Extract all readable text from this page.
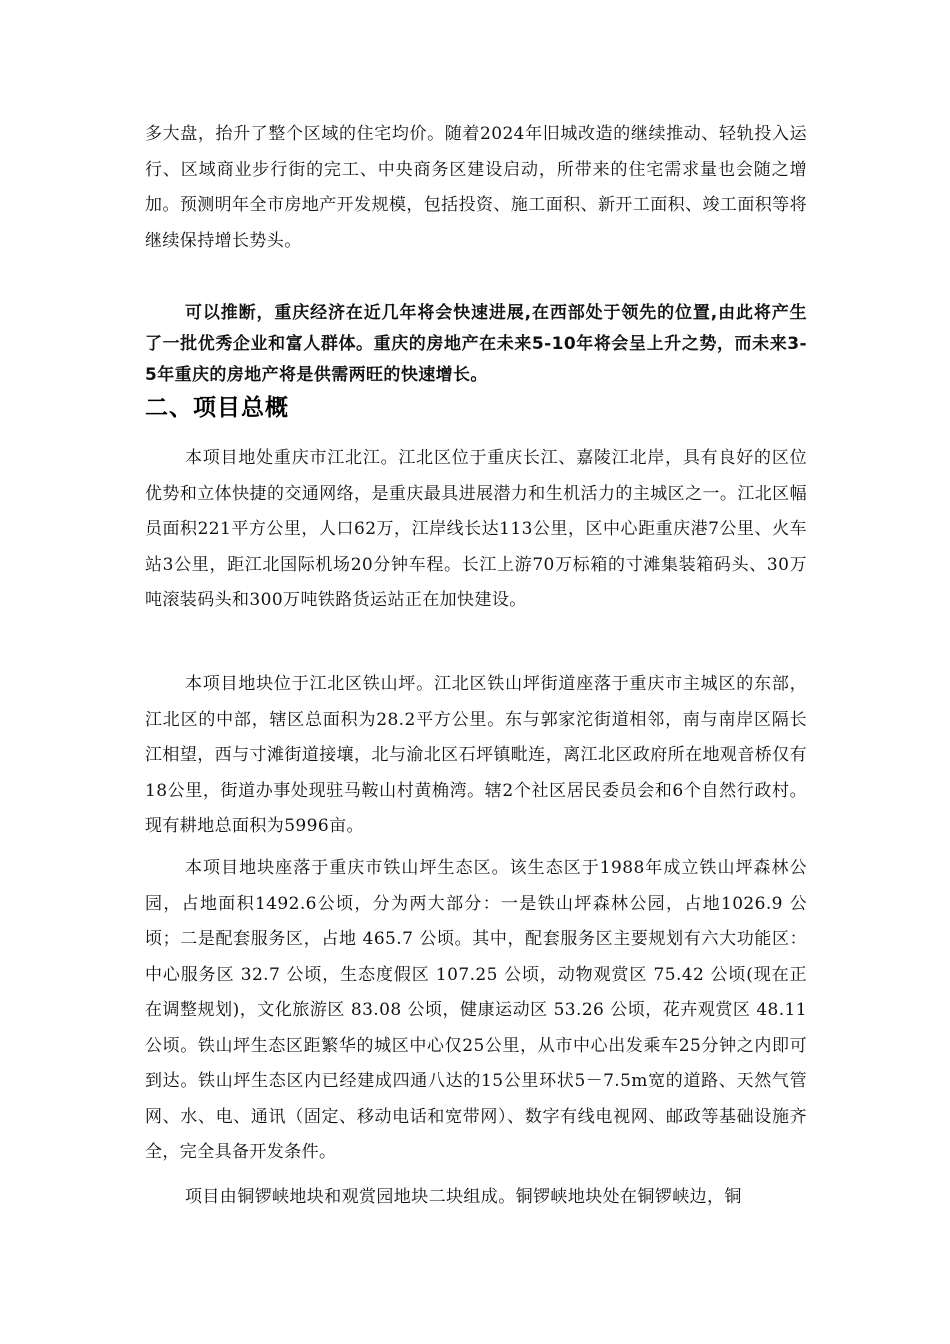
多大盘，抬升了整个区域的住宅均价。随着2024年旧城改造的继续推动、轻轨投入运行、区域商业步行街的完工、中央商务区建设启动，所带来的住宅需求量也会随之增加。预测明年全市房地产开发规模，包括投资、施工面积、新开工面积、竣工面积等将继续保持增长势头。

可以推断，重庆经济在近几年将会快速进展,在西部处于领先的位置,由此将产生了一批优秀企业和富人群体。重庆的房地产在未来5-10年将会呈上升之势，而未来3-5年重庆的房地产将是供需两旺的快速增长。

二、项目总概

本项目地处重庆市江北江。江北区位于重庆长江、嘉陵江北岸，具有良好的区位优势和立体快捷的交通网络，是重庆最具进展潜力和生机活力的主城区之一。江北区幅员面积221平方公里，人口62万，江岸线长达113公里，区中心距重庆港7公里、火车站3公里，距江北国际机场20分钟车程。长江上游70万标箱的寸滩集装箱码头、30万吨滚装码头和300万吨铁路货运站正在加快建设。

本项目地块位于江北区铁山坪。江北区铁山坪街道座落于重庆市主城区的东部，江北区的中部，辖区总面积为28.2平方公里。东与郭家沱街道相邻，南与南岸区隔长江相望，西与寸滩街道接壤，北与渝北区石坪镇毗连，离江北区政府所在地观音桥仅有18公里，街道办事处现驻马鞍山村黄桷湾。辖2个社区居民委员会和6个自然行政村。现有耕地总面积为5996亩。

本项目地块座落于重庆市铁山坪生态区。该生态区于1988年成立铁山坪森林公园，占地面积1492.6公顷，分为两大部分：一是铁山坪森林公园，占地1026.9 公顷；二是配套服务区，占地 465.7 公顷。其中，配套服务区主要规划有六大功能区：中心服务区 32.7 公顷，生态度假区 107.25 公顷，动物观赏区 75.42 公顷(现在正在调整规划)，文化旅游区 83.08 公顷，健康运动区 53.26 公顷，花卉观赏区 48.11 公顷。铁山坪生态区距繁华的城区中心仅25公里，从市中心出发乘车25分钟之内即可到达。铁山坪生态区内已经建成四通八达的15公里环状5－7.5m宽的道路、天然气管网、水、电、通讯（固定、移动电话和宽带网）、数字有线电视网、邮政等基础设施齐全，完全具备开发条件。

项目由铜锣峡地块和观赏园地块二块组成。铜锣峡地块处在铜锣峡边，铜
